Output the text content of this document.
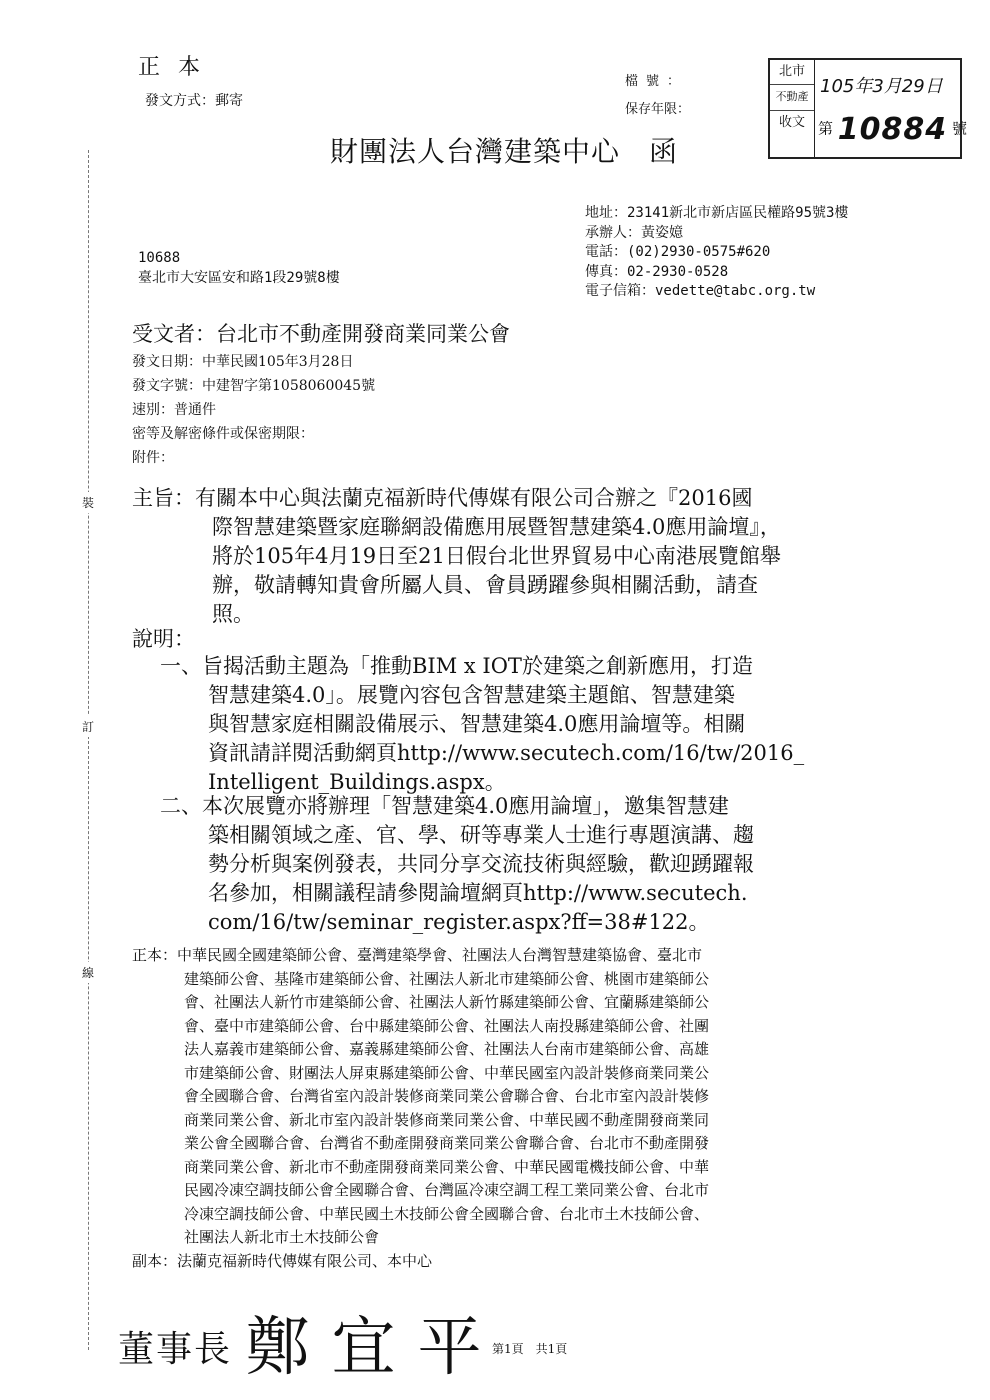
正本
發文方式：郵寄
財團法人台灣建築中心　函
檔號：
保存年限：
北市
不動產
收文
105年3月29日
第 10884 號
地址：23141新北市新店區民權路95號3樓
承辦人：黃姿嬑
電話：(02)2930-0575#620
傳真：02-2930-0528
電子信箱：vedette@tabc.org.tw
10688
臺北市大安區安和路1段29號8樓
受文者：台北市不動產開發商業同業公會
發文日期：中華民國105年3月28日
發文字號：中建智字第1058060045號
速別：普通件
密等及解密條件或保密期限：
附件：
裝
訂
線
主旨：有關本中心與法蘭克福新時代傳媒有限公司合辦之『2016國
際智慧建築暨家庭聯網設備應用展暨智慧建築4.0應用論壇』，
將於105年4月19日至21日假台北世界貿易中心南港展覽館舉
辦，敬請轉知貴會所屬人員、會員踴躍參與相關活動，請查
照。
說明：
一、旨揭活動主題為「推動BIM x IOT於建築之創新應用，打造
智慧建築4.0」。展覽內容包含智慧建築主題館、智慧建築
與智慧家庭相關設備展示、智慧建築4.0應用論壇等。相關
資訊請詳閱活動網頁http://www.secutech.com/16/tw/2016_
Intelligent_Buildings.aspx。
二、本次展覽亦將辦理「智慧建築4.0應用論壇」，邀集智慧建
築相關領域之產、官、學、研等專業人士進行專題演講、趨
勢分析與案例發表，共同分享交流技術與經驗，歡迎踴躍報
名參加，相關議程請參閱論壇網頁http://www.secutech.
com/16/tw/seminar_register.aspx?ff=38#122。
正本：中華民國全國建築師公會、臺灣建築學會、社團法人台灣智慧建築協會、臺北市
建築師公會、基隆市建築師公會、社團法人新北市建築師公會、桃園市建築師公
會、社團法人新竹市建築師公會、社團法人新竹縣建築師公會、宜蘭縣建築師公
會、臺中市建築師公會、台中縣建築師公會、社團法人南投縣建築師公會、社團
法人嘉義市建築師公會、嘉義縣建築師公會、社團法人台南市建築師公會、高雄
市建築師公會、財團法人屏東縣建築師公會、中華民國室內設計裝修商業同業公
會全國聯合會、台灣省室內設計裝修商業同業公會聯合會、台北市室內設計裝修
商業同業公會、新北市室內設計裝修商業同業公會、中華民國不動產開發商業同
業公會全國聯合會、台灣省不動產開發商業同業公會聯合會、台北市不動產開發
商業同業公會、新北市不動產開發商業同業公會、中華民國電機技師公會、中華
民國冷凍空調技師公會全國聯合會、台灣區冷凍空調工程工業同業公會、台北市
冷凍空調技師公會、中華民國土木技師公會全國聯合會、台北市土木技師公會、
社團法人新北市土木技師公會
副本：法蘭克福新時代傳媒有限公司、本中心
董事長 鄭宜平
第1頁　共1頁
